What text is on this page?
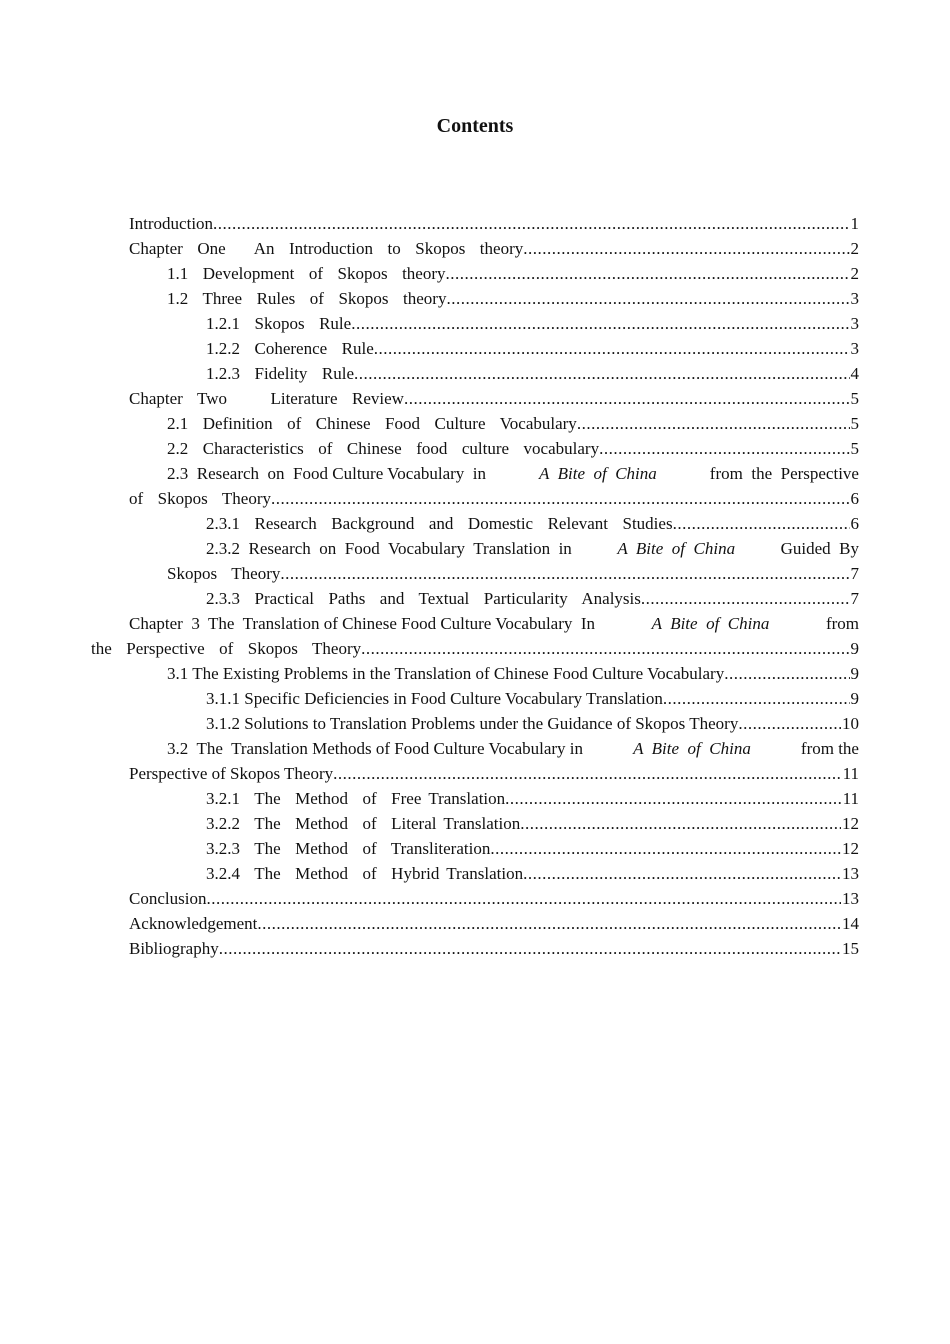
Contents
Introduction .....	1
Chapter  One    An  Introduction  to  Skopos  theory .....	2
1.1  Development  of  Skopos  theory .....	2
1.2  Three  Rules  of  Skopos  theory .....	3
1.2.1  Skopos  Rule .....	3
1.2.2  Coherence  Rule .....	3
1.2.3  Fidelity  Rule .....	4
Chapter  Two      Literature  Review .....	5
2.1  Definition  of  Chinese  Food  Culture  Vocabulary .....	5
2.2  Characteristics  of  Chinese  food  culture  vocabulary .....	5
2.3  Research  on  Food Culture Vocabulary  in	A  Bite  of  China	from  the  Perspective
of  Skopos  Theory .....	6
2.3.1  Research  Background  and  Domestic  Relevant  Studies .....	6
2.3.2  Research  on  Food  Vocabulary  Translation  in	A  Bite  of  China	Guided  By
Skopos  Theory .....	7
2.3.3  Practical  Paths  and  Textual  Particularity  Analysis .....	7
Chapter  3  The  Translation of Chinese Food Culture Vocabulary  In	A  Bite  of  China	from
the  Perspective  of  Skopos  Theory .....	9
3.1 The Existing Problems in the Translation of Chinese Food Culture Vocabulary .....	9
3.1.1 Specific Deficiencies in Food Culture Vocabulary Translation .....	9
3.1.2 Solutions to Translation Problems under the Guidance of Skopos Theory .....	10
3.2  The  Translation Methods of Food Culture Vocabulary in	A  Bite  of  China	from the
Perspective of Skopos Theory .....	11
3.2.1  The  Method  of  Free Translation .....	11
3.2.2  The  Method  of  Literal Translation .....	12
3.2.3  The  Method  of  Transliteration .....	12
3.2.4  The  Method  of  Hybrid Translation .....	13
Conclusion .....	13
Acknowledgement .....	14
Bibliography .....	15
